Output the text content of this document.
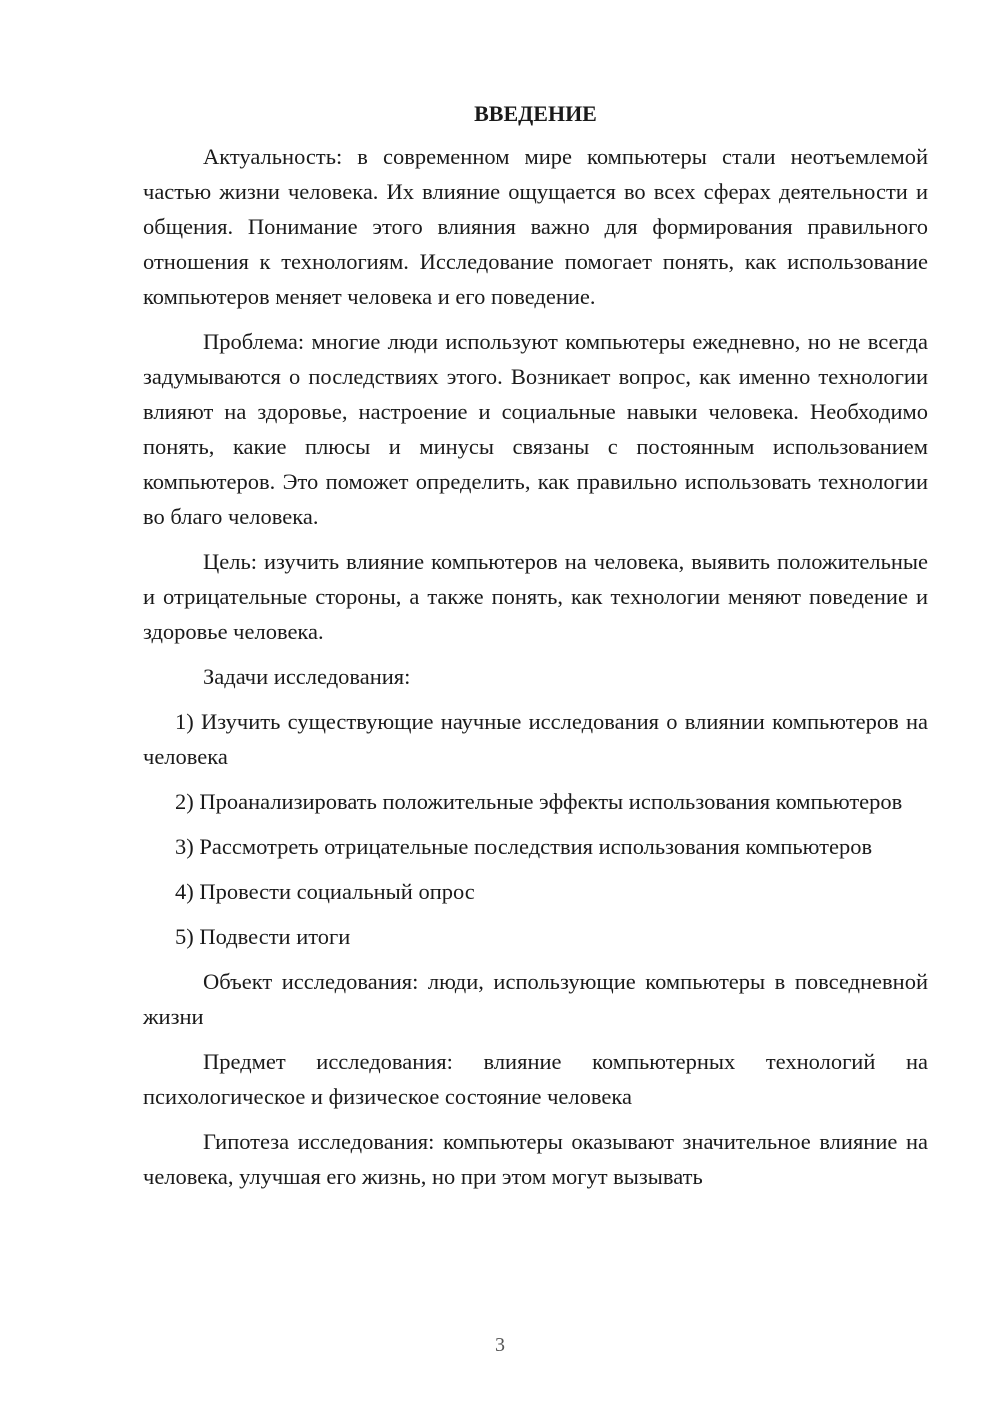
ВВЕДЕНИЕ

Актуальность: в современном мире компьютеры стали неотъемлемой частью жизни человека. Их влияние ощущается во всех сферах деятельности и общения. Понимание этого влияния важно для формирования правильного отношения к технологиям. Исследование помогает понять, как использование компьютеров меняет человека и его поведение.

Проблема: многие люди используют компьютеры ежедневно, но не всегда задумываются о последствиях этого. Возникает вопрос, как именно технологии влияют на здоровье, настроение и социальные навыки человека. Необходимо понять, какие плюсы и минусы связаны с постоянным использованием компьютеров. Это поможет определить, как правильно использовать технологии во благо человека.

Цель: изучить влияние компьютеров на человека, выявить положительные и отрицательные стороны, а также понять, как технологии меняют поведение и здоровье человека.

Задачи исследования:

1) Изучить существующие научные исследования о влиянии компьютеров на человека

2) Проанализировать положительные эффекты использования компьютеров

3) Рассмотреть отрицательные последствия использования компьютеров

4) Провести социальный опрос

5) Подвести итоги

Объект исследования: люди, использующие компьютеры в повседневной жизни

Предмет исследования: влияние компьютерных технологий на психологическое и физическое состояние человека

Гипотеза исследования: компьютеры оказывают значительное влияние на человека, улучшая его жизнь, но при этом могут вызывать

3
